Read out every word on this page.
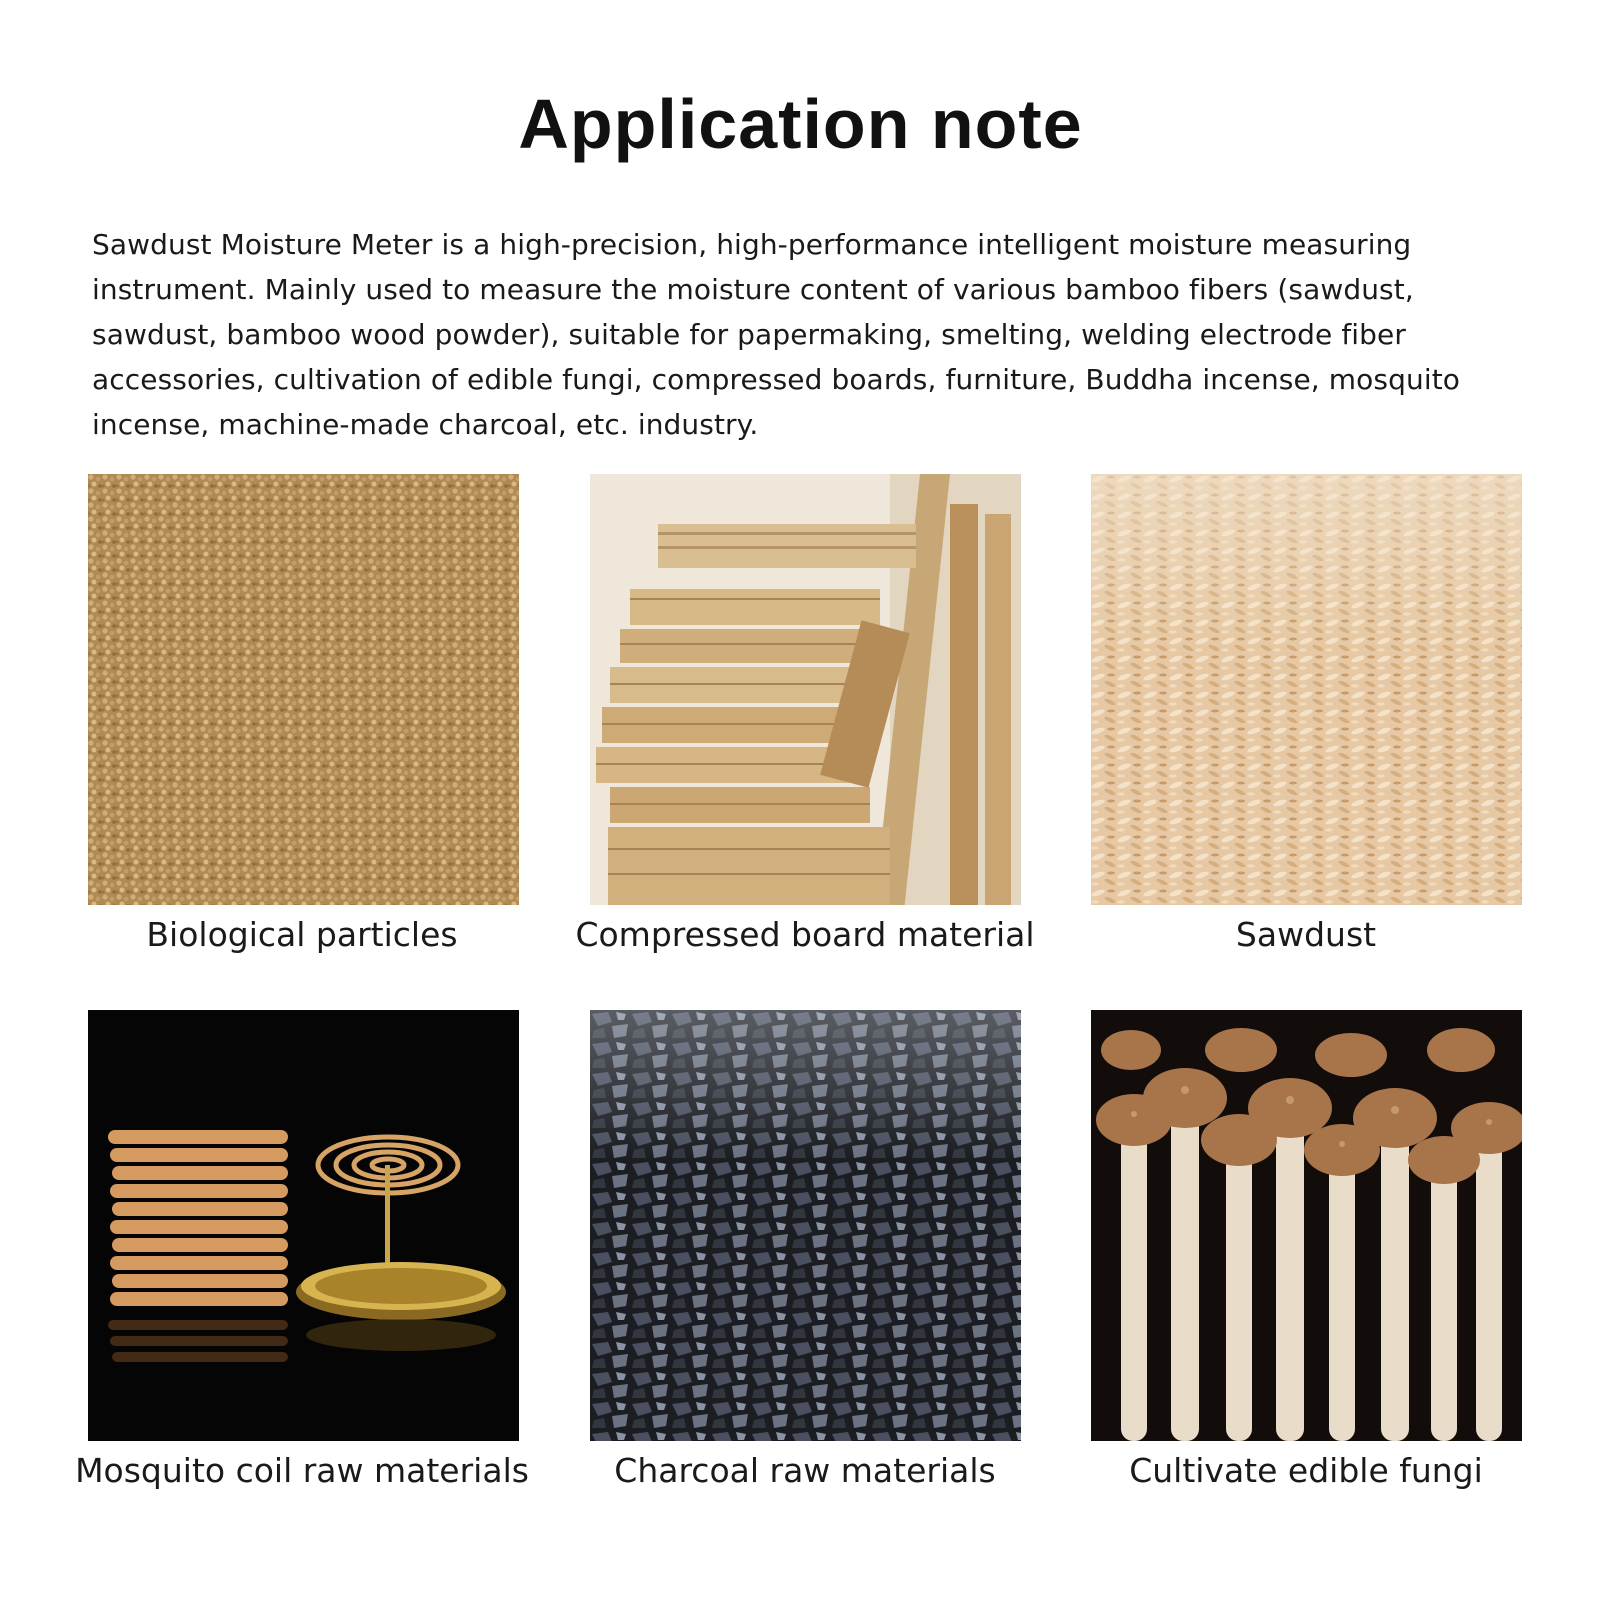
Application note

Sawdust Moisture Meter is a high-precision, high-performance intelligent moisture measuring instrument. Mainly used to measure the moisture content of various bamboo fibers (sawdust, sawdust, bamboo wood powder), suitable for papermaking, smelting, welding electrode fiber accessories, cultivation of edible fungi, compressed boards, furniture, Buddha incense, mosquito incense, machine-made charcoal, etc. industry.

Biological particles	Compressed board material	Sawdust
Mosquito coil raw materials	Charcoal raw materials	Cultivate edible fungi
